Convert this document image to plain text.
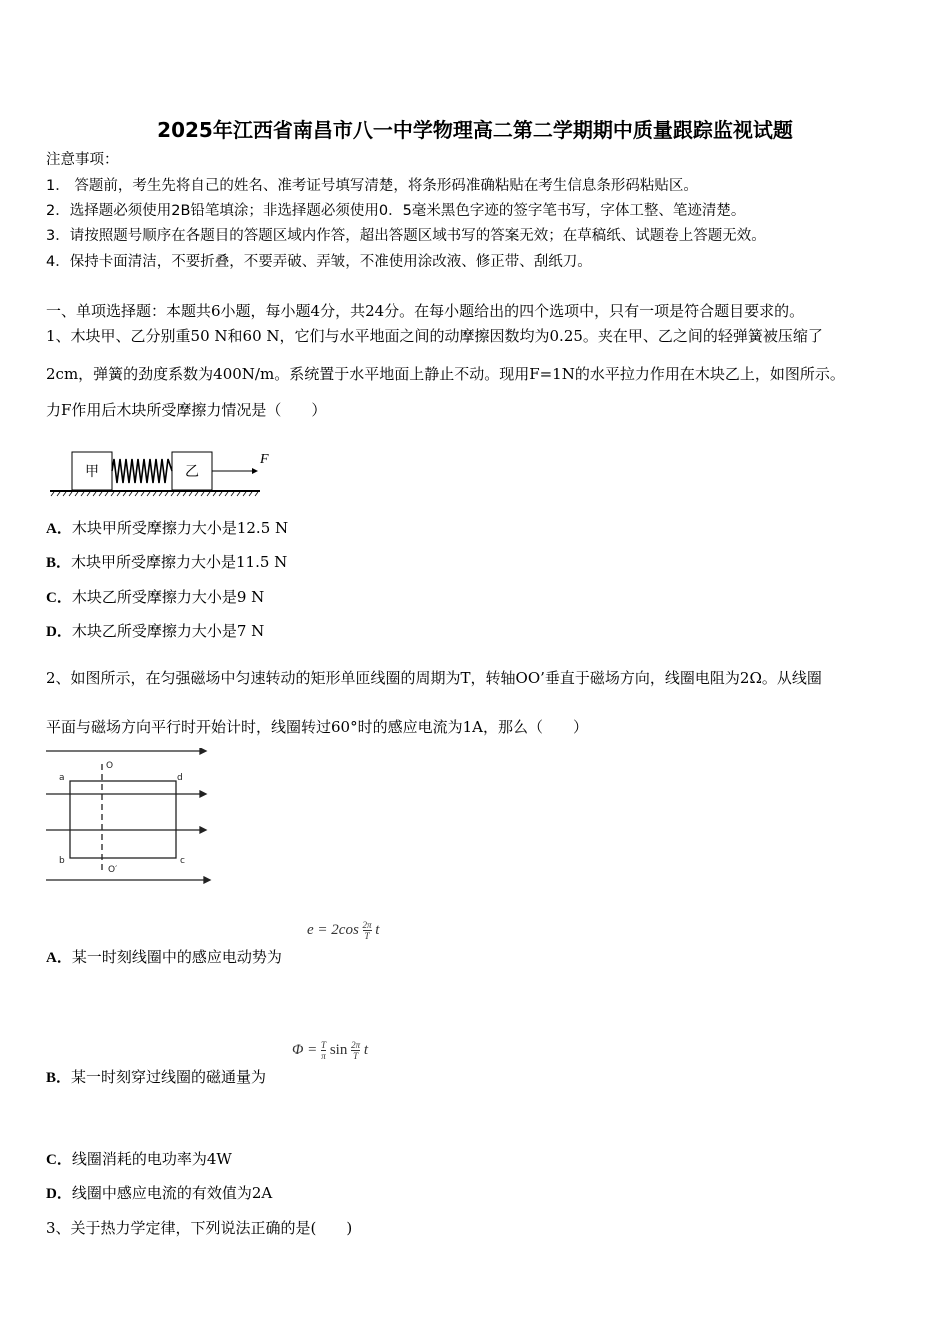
2025年江西省南昌市八一中学物理高二第二学期期中质量跟踪监视试题
注意事项：
1． 答题前，考生先将自己的姓名、准考证号填写清楚，将条形码准确粘贴在考生信息条形码粘贴区。
2．选择题必须使用2B铅笔填涂；非选择题必须使用0．5毫米黑色字迹的签字笔书写，字体工整、笔迹清楚。
3．请按照题号顺序在各题目的答题区域内作答，超出答题区域书写的答案无效；在草稿纸、试题卷上答题无效。
4．保持卡面清洁，不要折叠，不要弄破、弄皱，不准使用涂改液、修正带、刮纸刀。
一、单项选择题：本题共6小题，每小题4分，共24分。在每小题给出的四个选项中，只有一项是符合题目要求的。
1、木块甲、乙分别重50 N和60 N，它们与水平地面之间的动摩擦因数均为0.25。夹在甲、乙之间的轻弹簧被压缩了
2cm，弹簧的劲度系数为400N/m。系统置于水平地面上静止不动。现用F=1N的水平拉力作用在木块乙上，如图所示。
力F作用后木块所受摩擦力情况是（　　）
甲	乙
F
A．木块甲所受摩擦力大小是12.5 N
B．木块甲所受摩擦力大小是11.5 N
C．木块乙所受摩擦力大小是9 N
D．木块乙所受摩擦力大小是7 N
2、如图所示，在匀强磁场中匀速转动的矩形单匝线圈的周期为T，转轴OO’垂直于磁场方向，线圈电阻为2Ω。从线圈
平面与磁场方向平行时开始计时，线圈转过60°时的感应电流为1A，那么（　　）
a	d
b	c
O
O′
$e = 2\cos \frac{2\pi}{T}$ t
A．某一时刻线圈中的感应电动势为
$\Phi = \frac{T}{\pi}$ $\sin \frac{2\pi}{T}$ t
B．某一时刻穿过线圈的磁通量为
C．线圈消耗的电功率为4W
D．线圈中感应电流的有效值为2A
3、关于热力学定律，下列说法正确的是(　　)
